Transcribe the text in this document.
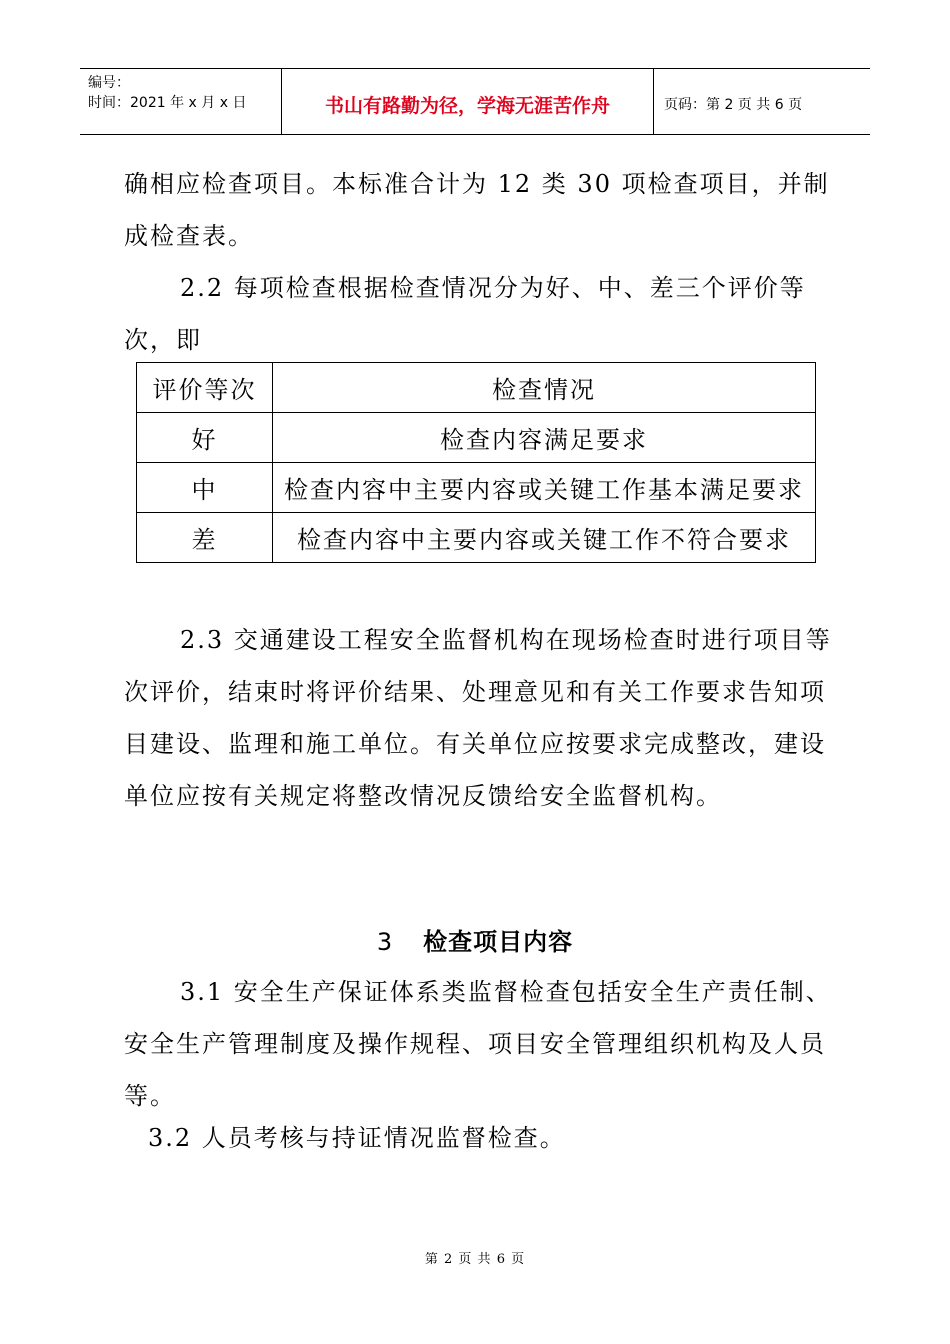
编号：
时间：2021 年 x 月 x 日	书山有路勤为径，学海无涯苦作舟	页码：第 2 页 共 6 页

确相应检查项目。本标准合计为 12 类 30 项检查项目，并制成检查表。

2.2 每项检查根据检查情况分为好、中、差三个评价等次，即

评价等次	检查情况
好	检查内容满足要求
中	检查内容中主要内容或关键工作基本满足要求
差	检查内容中主要内容或关键工作不符合要求

2.3 交通建设工程安全监督机构在现场检查时进行项目等次评价，结束时将评价结果、处理意见和有关工作要求告知项目建设、监理和施工单位。有关单位应按要求完成整改，建设单位应按有关规定将整改情况反馈给安全监督机构。

3 检查项目内容

3.1 安全生产保证体系类监督检查包括安全生产责任制、安全生产管理制度及操作规程、项目安全管理组织机构及人员等。

3.2 人员考核与持证情况监督检查。

第 2 页 共 6 页
